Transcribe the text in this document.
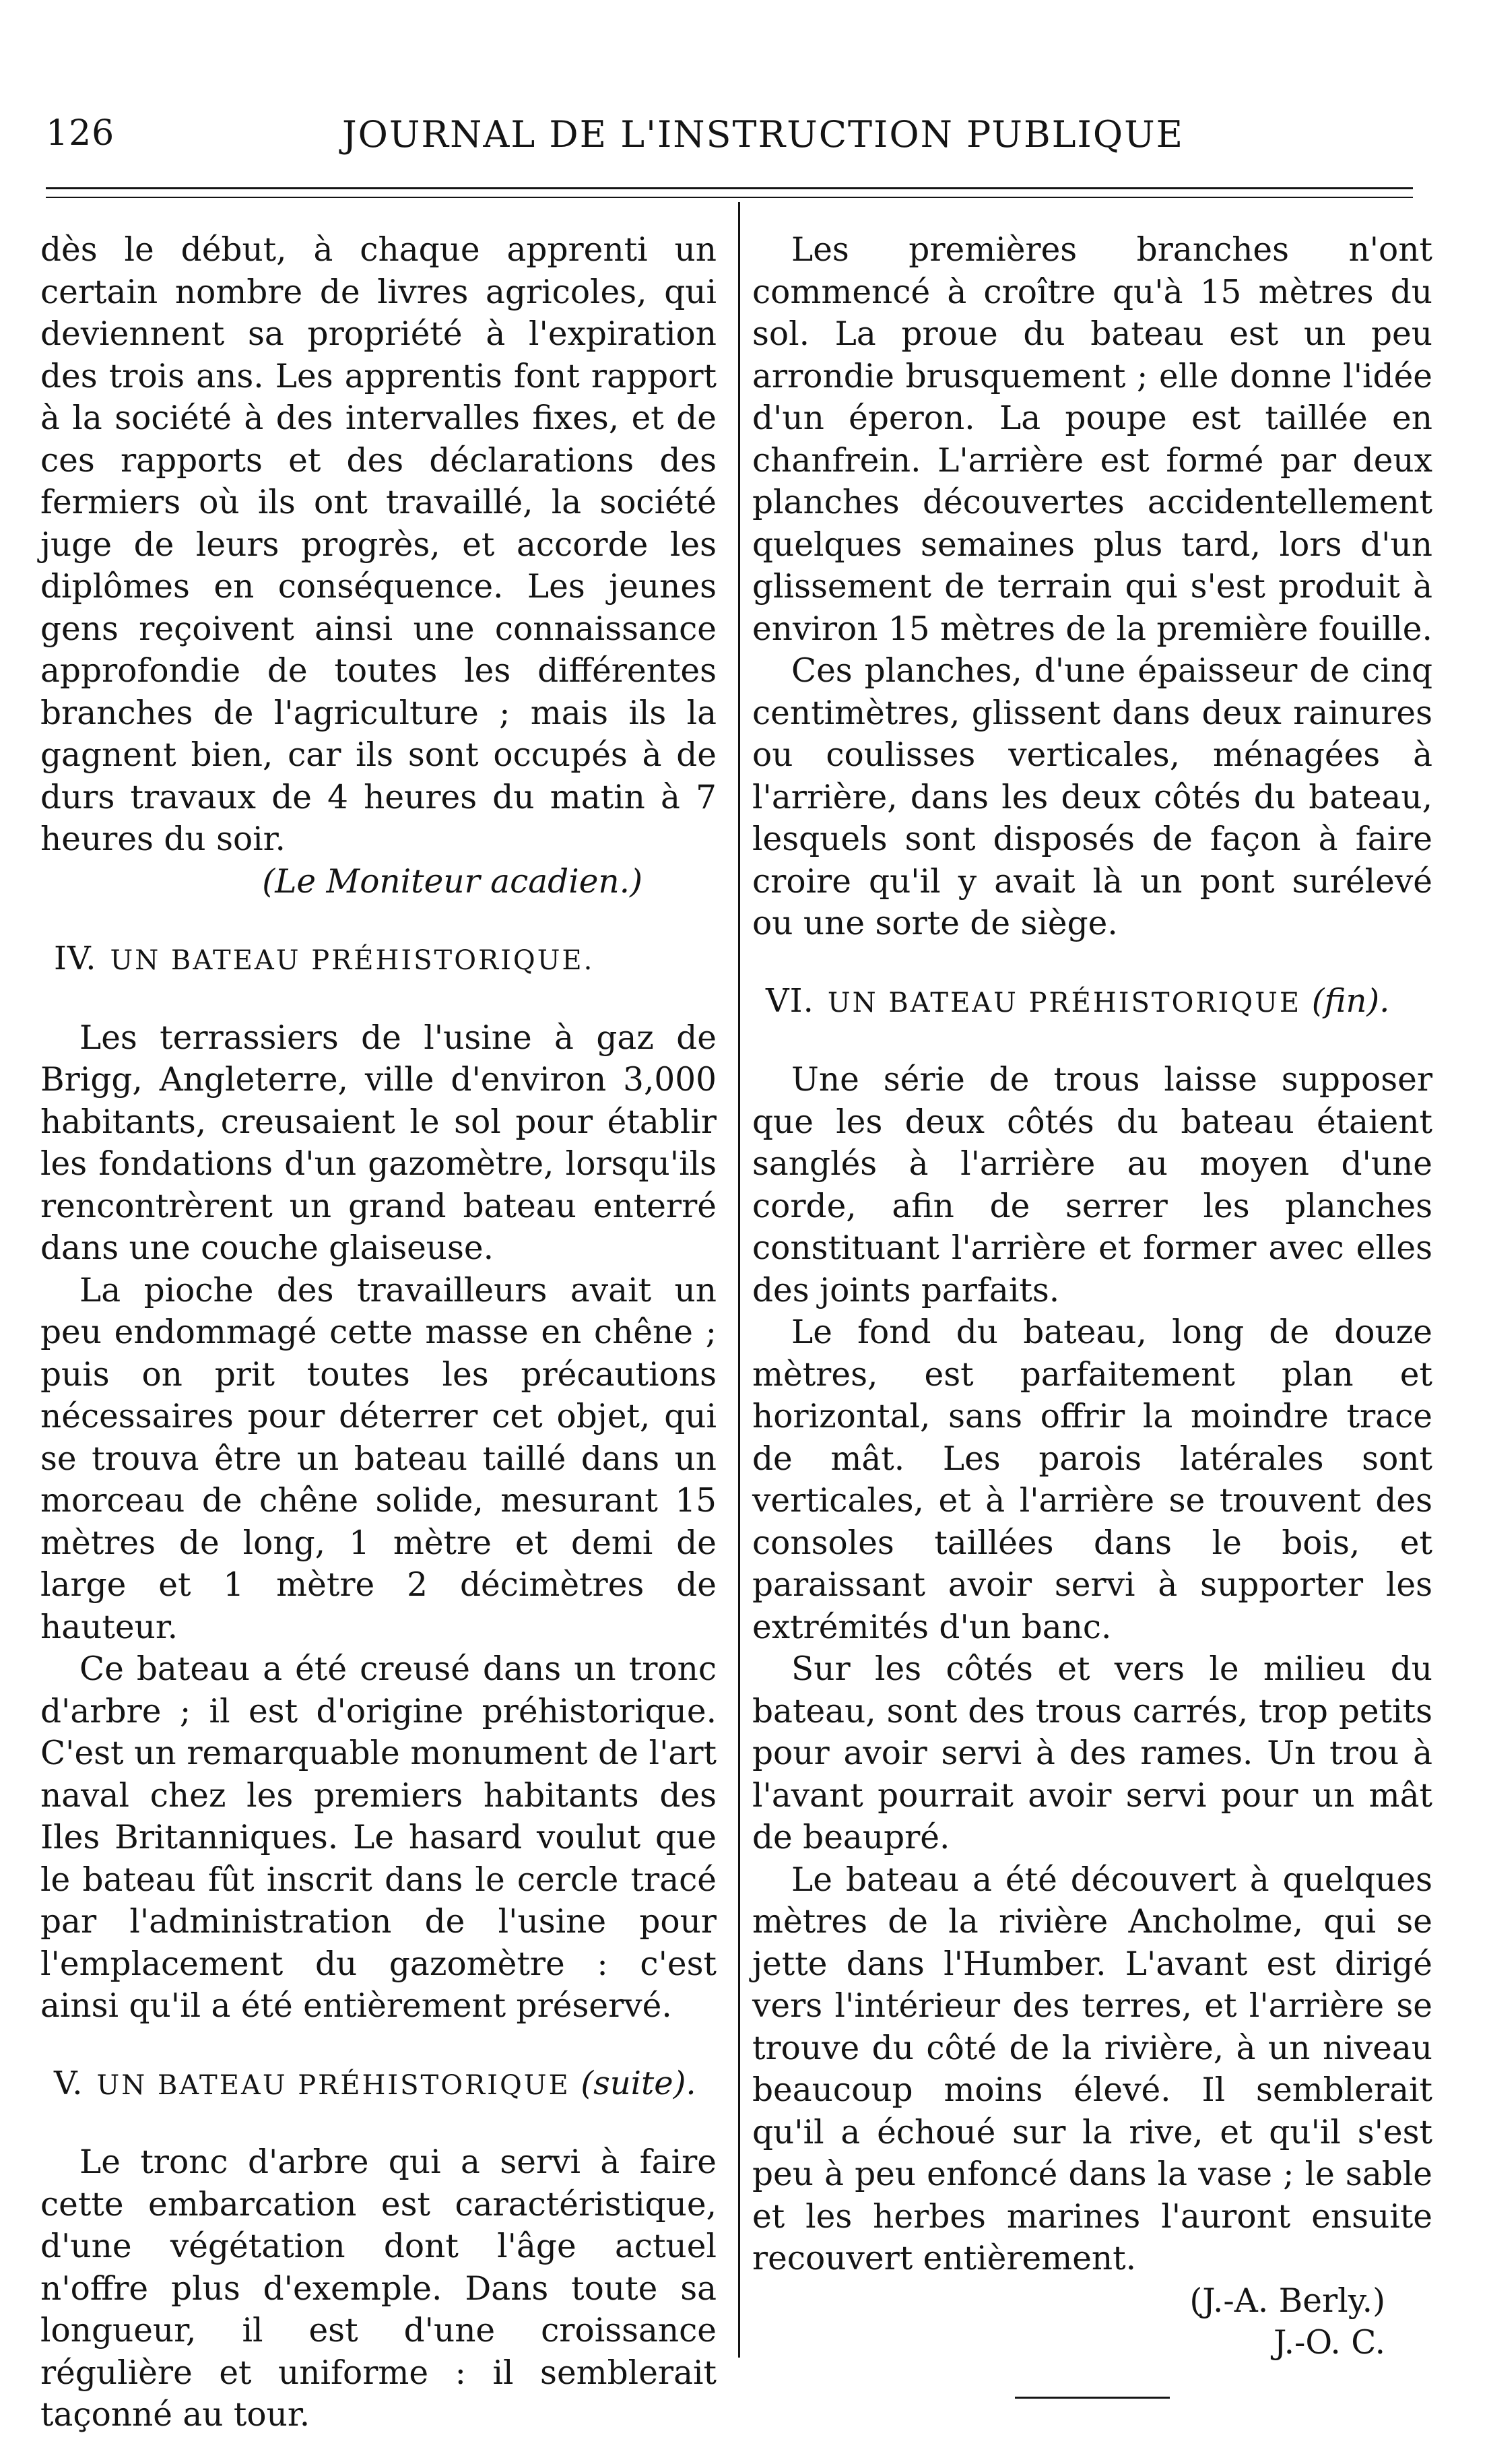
126	JOURNAL DE L'INSTRUCTION PUBLIQUE

dès le début, à chaque apprenti un certain nombre de livres agricoles, qui deviennent sa propriété à l'expiration des trois ans. Les apprentis font rapport à la société à des intervalles fixes, et de ces rapports et des déclarations des fermiers où ils ont travaillé, la société juge de leurs progrès, et accorde les diplômes en conséquence. Les jeunes gens reçoivent ainsi une connaissance approfondie de toutes les différentes branches de l'agriculture ; mais ils la gagnent bien, car ils sont occupés à de durs travaux de 4 heures du matin à 7 heures du soir.

(Le Moniteur acadien.)

IV. UN BATEAU PRÉHISTORIQUE.

Les terrassiers de l'usine à gaz de Brigg, Angleterre, ville d'environ 3,000 habitants, creusaient le sol pour établir les fondations d'un gazomètre, lorsqu'ils rencontrèrent un grand bateau enterré dans une couche glaiseuse.

La pioche des travailleurs avait un peu endommagé cette masse en chêne ; puis on prit toutes les précautions nécessaires pour déterrer cet objet, qui se trouva être un bateau taillé dans un morceau de chêne solide, mesurant 15 mètres de long, 1 mètre et demi de large et 1 mètre 2 décimètres de hauteur.

Ce bateau a été creusé dans un tronc d'arbre ; il est d'origine préhistorique. C'est un remarquable monument de l'art naval chez les premiers habitants des Iles Britanniques. Le hasard voulut que le bateau fût inscrit dans le cercle tracé par l'administration de l'usine pour l'emplacement du gazomètre : c'est ainsi qu'il a été entièrement préservé.

V. UN BATEAU PRÉHISTORIQUE (suite).

Le tronc d'arbre qui a servi à faire cette embarcation est caractéristique, d'une végétation dont l'âge actuel n'offre plus d'exemple. Dans toute sa longueur, il est d'une croissance régulière et uniforme : il semblerait taçonné au tour.

Les premières branches n'ont commencé à croître qu'à 15 mètres du sol. La proue du bateau est un peu arrondie brusquement ; elle donne l'idée d'un éperon. La poupe est taillée en chanfrein. L'arrière est formé par deux planches découvertes accidentellement quelques semaines plus tard, lors d'un glissement de terrain qui s'est produit à environ 15 mètres de la première fouille.

Ces planches, d'une épaisseur de cinq centimètres, glissent dans deux rainures ou coulisses verticales, ménagées à l'arrière, dans les deux côtés du bateau, lesquels sont disposés de façon à faire croire qu'il y avait là un pont surélevé ou une sorte de siège.

VI. UN BATEAU PRÉHISTORIQUE (fin).

Une série de trous laisse supposer que les deux côtés du bateau étaient sanglés à l'arrière au moyen d'une corde, afin de serrer les planches constituant l'arrière et former avec elles des joints parfaits.

Le fond du bateau, long de douze mètres, est parfaitement plan et horizontal, sans offrir la moindre trace de mât. Les parois latérales sont verticales, et à l'arrière se trouvent des consoles taillées dans le bois, et paraissant avoir servi à supporter les extrémités d'un banc.

Sur les côtés et vers le milieu du bateau, sont des trous carrés, trop petits pour avoir servi à des rames. Un trou à l'avant pourrait avoir servi pour un mât de beaupré.

Le bateau a été découvert à quelques mètres de la rivière Ancholme, qui se jette dans l'Humber. L'avant est dirigé vers l'intérieur des terres, et l'arrière se trouve du côté de la rivière, à un niveau beaucoup moins élevé. Il semblerait qu'il a échoué sur la rive, et qu'il s'est peu à peu enfoncé dans la vase ; le sable et les herbes marines l'auront ensuite recouvert entièrement.

(J.-A. Berly.)

J.-O. C.
